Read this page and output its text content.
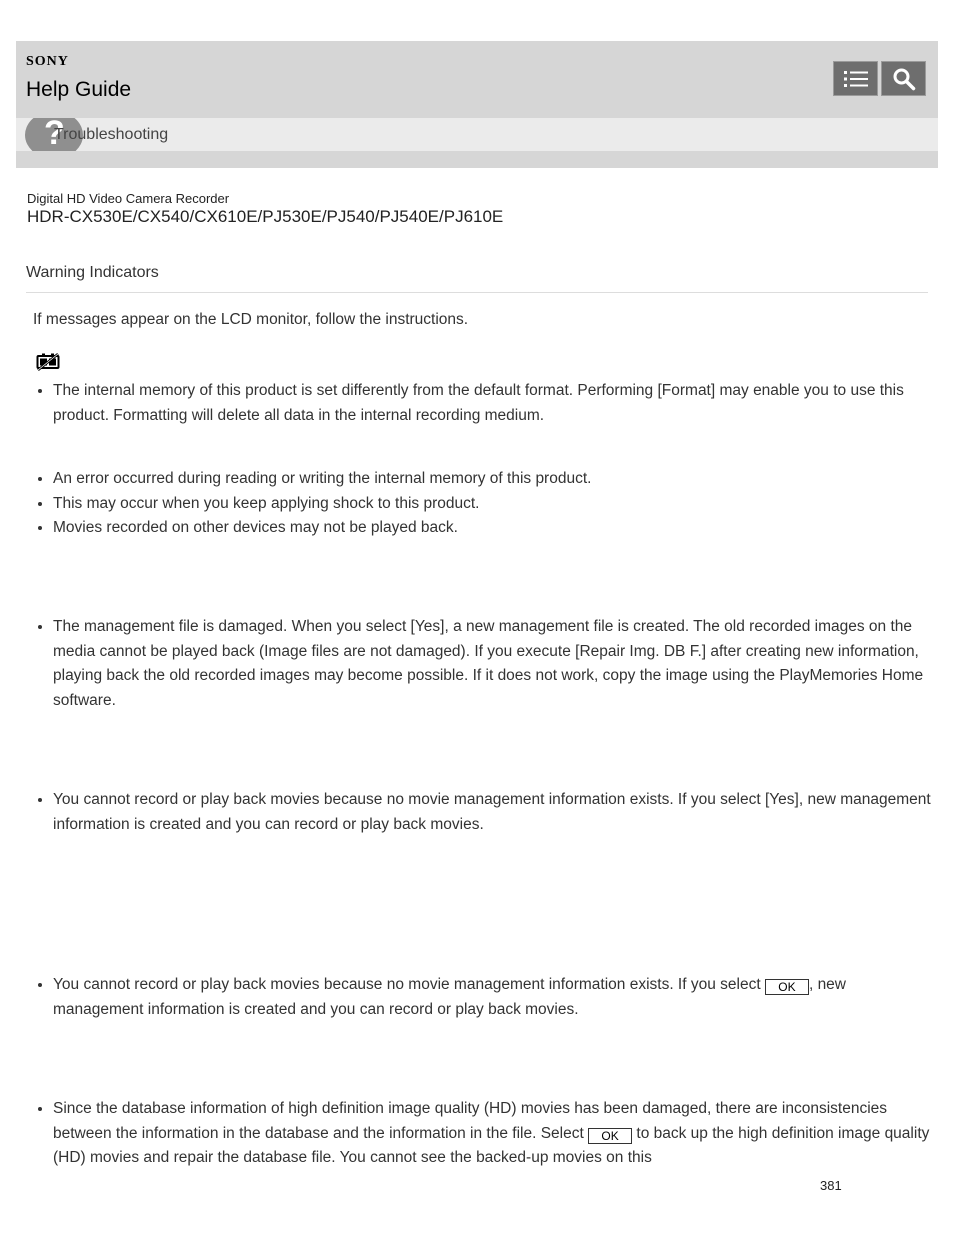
SONY
Help Guide
?
Troubleshooting
Digital HD Video Camera Recorder
HDR-CX530E/CX540/CX610E/PJ530E/PJ540/PJ540E/PJ610E
Warning Indicators
If messages appear on the LCD monitor, follow the instructions.
• The internal memory of this product is set differently from the default format. Performing [Format] may enable you to use this product. Formatting will delete all data in the internal recording medium.
• An error occurred during reading or writing the internal memory of this product.
• This may occur when you keep applying shock to this product.
• Movies recorded on other devices may not be played back.
• The management file is damaged. When you select [Yes], a new management file is created. The old recorded images on the media cannot be played back (Image files are not damaged). If you execute [Repair Img. DB F.] after creating new information, playing back the old recorded images may become possible. If it does not work, copy the image using the PlayMemories Home software.
• You cannot record or play back movies because no movie management information exists. If you select [Yes], new management information is created and you can record or play back movies.
• You cannot record or play back movies because no movie management information exists. If you select OK , new management information is created and you can record or play back movies.
• Since the database information of high definition image quality (HD) movies has been damaged, there are inconsistencies between the information in the database and the information in the file. Select OK to back up the high definition image quality (HD) movies and repair the database file. You cannot see the backed-up movies on this
381
